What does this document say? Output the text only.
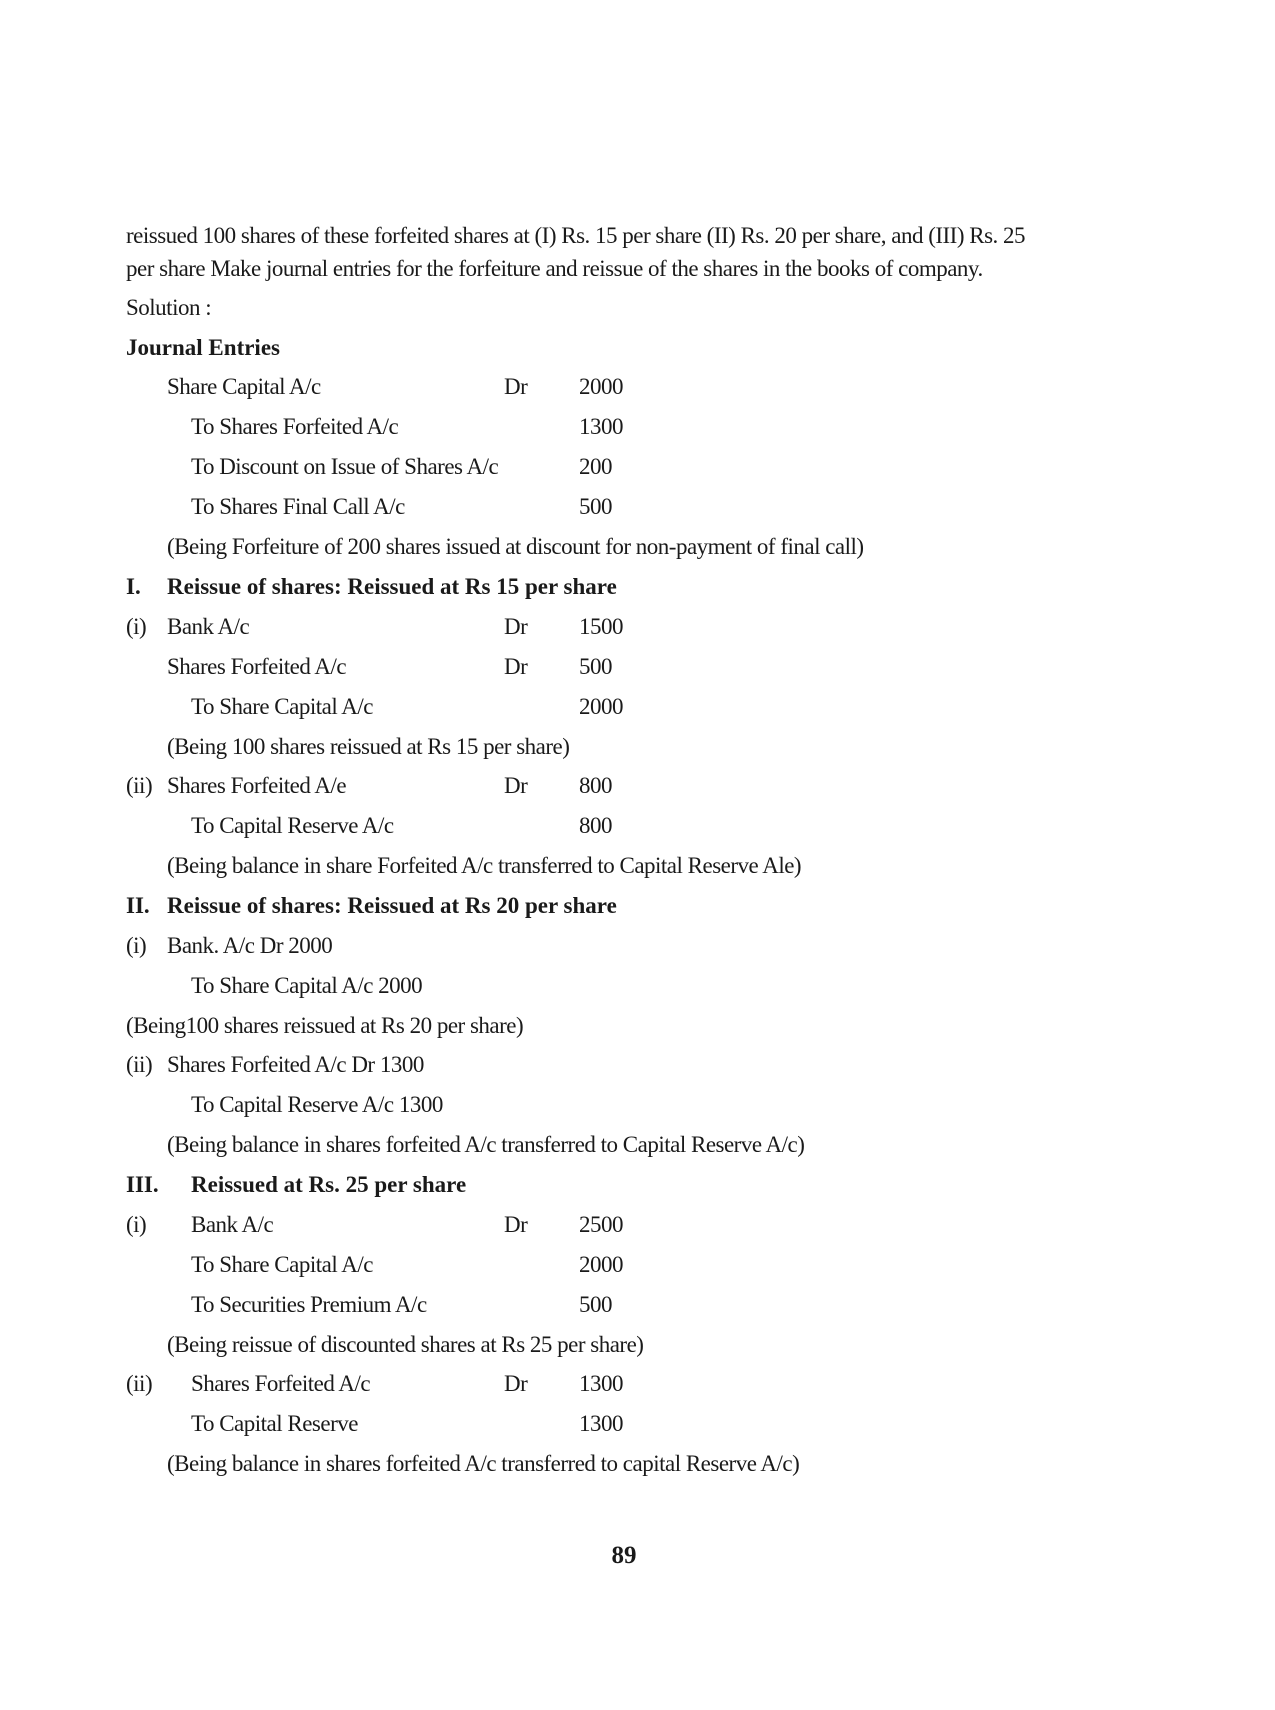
reissued 100 shares of these forfeited shares at (I) Rs. 15 per share (II) Rs. 20 per share, and (III) Rs. 25
per share Make journal entries for the forfeiture and reissue of the shares in the books of company.
Solution :
Journal Entries
Share Capital A/c	Dr 2000
To Shares Forfeited A/c	1300
To Discount on Issue of Shares A/c	200
To Shares Final Call A/c	500
(Being Forfeiture of 200 shares issued at discount for non-payment of final call)
I. Reissue of shares: Reissued at Rs 15 per share
(i) Bank A/c	Dr 1500
Shares Forfeited A/c	Dr 500
To Share Capital A/c	2000
(Being 100 shares reissued at Rs 15 per share)
(ii) Shares Forfeited A/e	Dr 800
To Capital Reserve A/c	800
(Being balance in share Forfeited A/c transferred to Capital Reserve Ale)
II. Reissue of shares: Reissued at Rs 20 per share
(i) Bank. A/c Dr 2000
To Share Capital A/c 2000
(Being100 shares reissued at Rs 20 per share)
(ii) Shares Forfeited A/c Dr 1300
To Capital Reserve A/c 1300
(Being balance in shares forfeited A/c transferred to Capital Reserve A/c)
III. Reissued at Rs. 25 per share
(i) Bank A/c	Dr 2500
To Share Capital A/c	2000
To Securities Premium A/c	500
(Being reissue of discounted shares at Rs 25 per share)
(ii) Shares Forfeited A/c	Dr 1300
To Capital Reserve	1300
(Being balance in shares forfeited A/c transferred to capital Reserve A/c)
89
